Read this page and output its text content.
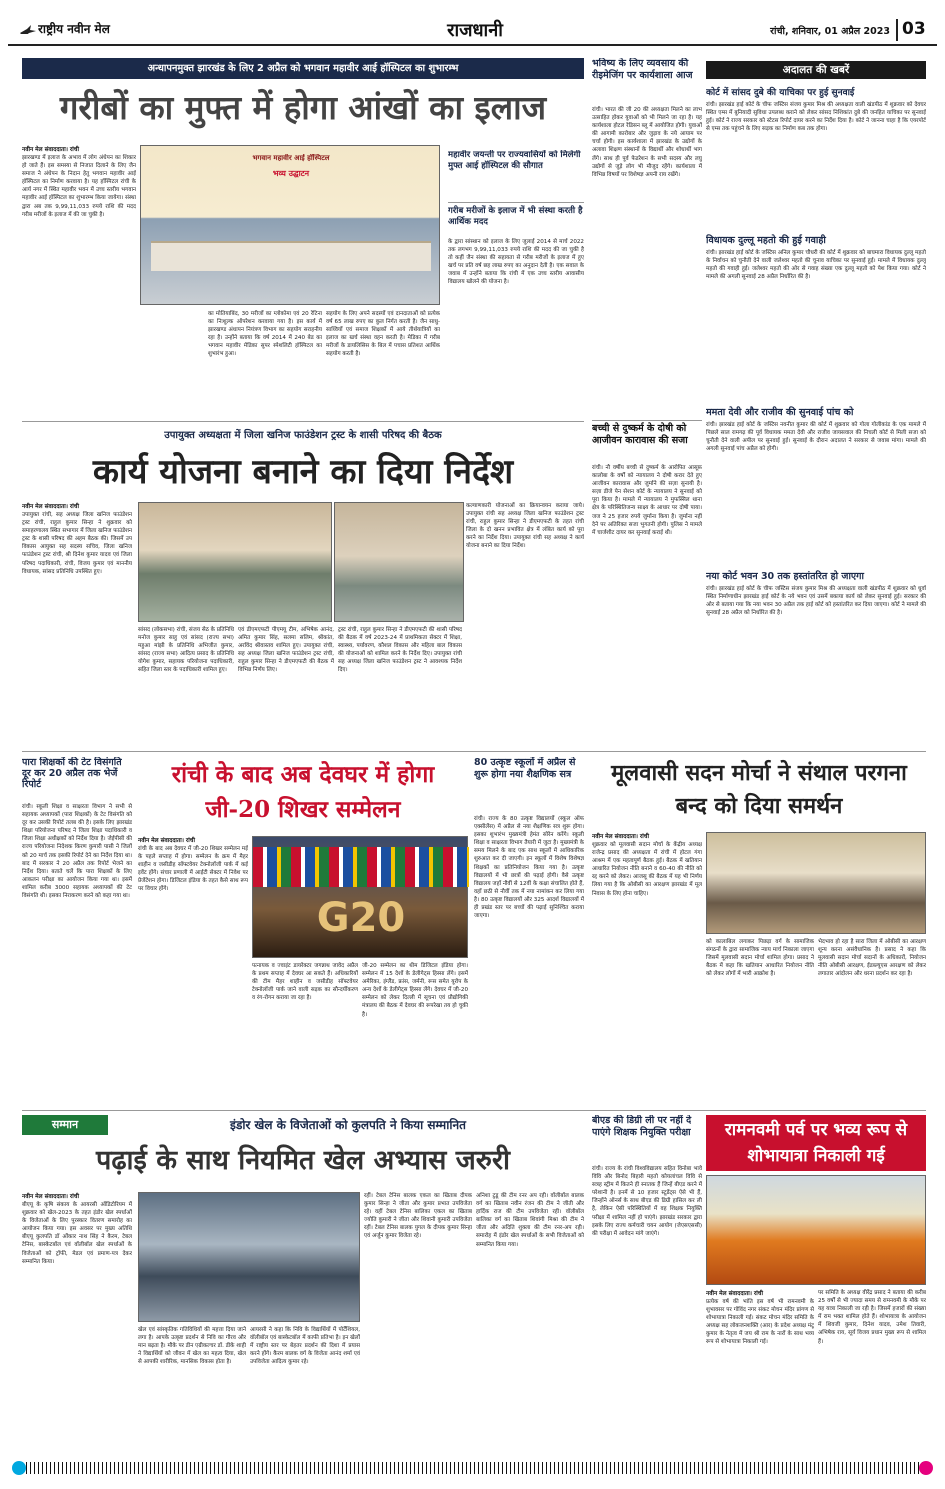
राष्ट्रीय नवीन मेल	राजधानी	रांची, शनिवार, 01 अप्रैल 2023 03
अन्धापनमुक्त झारखंड के लिए 2 अप्रैल को भगवान महावीर आई हॉस्पिटल का शुभारम्भ
गरीबों का मुफ्त में होगा आंखों का इलाज
नवीन मेल संवाददाता। रांची
झारखण्ड में इलाज के अभाव में लोग अंधेपन का शिकार हो जाते हैं। इस समस्या से निजात दिलाने के लिए जैन समाज ने अंधेपन के निदान हेतु भगवान महावीर आई हॉस्पिटल का निर्माण करवाया है। यह हॉस्पिटल रांची के आर्य नगर में स्थित महावीर भवन में उच्च स्तरीय भगवान महावीर आई हॉस्पिटल का शुभारम्भ किया जायेगा। संस्था द्वारा अब तक 9,99,11,033 रुपये राशि की मदद गरीब मरीजों के इलाज में की जा चुकी है।
भगवान महावीर आई हॉस्पिटल
भव्य उद्घाटन
का मोतियाबिंद, 30 मरीजों का ग्लोकोमा एवं 20 रेटिना का निःशुल्क ऑपरेशन करवाया गया है। इस कार्य में झारखण्ड अंधापन नियंत्रण विभाग का सहयोग सराहनीय रहा है। उन्होंने बताया कि वर्ष 2014 में 240 बेड का भगवान महावीर मेडिका सुपर स्पेशलिटी हॉस्पिटल का शुभारंभ हुआ।
सहयोग के लिए अपने सदस्यों एवं दानदाताओं को प्रत्येक वर्ष 65 लाख रुपए का कुल निर्गत करती है। जैन साधु-साध्वियों एवं समाज शिक्षकों में आये तीर्थयात्रियों का इलाज का खर्च संस्था वहन करती है। मेडिका में गरीब मरीजों के डायलिसिस के बिल में पचास प्रतिशत आर्थिक सहयोग करती है।
महावीर जयन्ती पर राज्यवासियों को मिलेगी मुफ्त आई हॉस्पिटल की सौगात
गरीब मरीजों के इलाज में भी संस्था करती है आर्थिक मदद
के द्वारा सांस्थान को इलाज के लिए जुलाई 2014 से मार्च 2022 तक लगभग 9,99,11,033 रुपये राशि की मदद की जा चुकी है तो कहीं जैन संस्था की सहायता से गरीब मरीजों के इलाज में हुए खर्च पर प्रति वर्ष छह लाख रुपए का अनुदान देती है। एक सवाल के जवाब में उन्होंने बताया कि रांची में एक उच्च स्तरीय आवासीय विद्यालय खोलने की योजना है।
भविष्य के लिए व्यवसाय की रीइमेजिंग पर कार्यशाला आज
रांची। भारत की जी 20 की अध्यक्षता मिलने का लाभ उत्साहित होकर युवाओं को भी मिलने जा रहा है। यह कार्यशाला होटल रेडिसन ब्लू में आयोजित होगी। युवाओं की आगामी कारोबार और जुड़ाव के नये आयाम पर चर्चा होगी। इस कार्यशाला में झारखंड के उद्योगों के अलावा शिक्षण संस्थानों के विद्यार्थी और शोधार्थी भाग लेंगे। साथ ही पूर्व फेडरेशन के सभी सदस्य और लघु उद्योगों से जुड़े लोग भी मौजूद रहेंगे। कार्यशाला में विभिन्न विषयों पर विशेषज्ञ अपनी राय रखेंगे।
बच्ची से दुष्कर्म के दोषी को आजीवन कारावास की सजा
रांची। नौ वर्षीय बच्ची से दुष्कर्म के आरोपित आसूफ़ कालोबा के वर्षों को न्यायालय ने दोषी करार देते हुए आजीवन कारावास और जुर्माने की सज़ा सुनायी है। सज़ा डीजे पेन सेशन कोर्ट के न्यायालय ने सुनवाई को पूरा किया है। मामले में न्यायालय ने मुफस्सिल थाना क्षेत्र के परिस्थितिजन्य साक्ष्य के आधार पर दोषी पाया। जज ने 25 हजार रुपये जुर्माना किया है। जुर्माना नहीं देने पर अतिरिक्त सजा भुगतनी होगी। पुलिस ने मामले में चार्जशीट दायर कर सुनवाई कराई थी।
अदालत की खबरें
कोर्ट में सांसद दुबे की याचिका पर हुई सुनवाई
रांची। झारखंड हाई कोर्ट के चीफ जस्टिस संजय कुमार मिश्र की अध्यक्षता वाली खंडपीठ में शुक्रवार को देवघर स्थित एम्स में बुनियादी सुविधा उपलब्ध कराने को लेकर सांसद निशिकांत दुबे की जनहित याचिका पर सुनवाई हुई। कोर्ट ने राज्य सरकार को स्टेटस रिपोर्ट दायर करने का निर्देश दिया है। कोर्ट ने जानना चाहा है कि एयरपोर्ट से एम्स तक पहुंचने के लिए सड़क का निर्माण कब तक होगा।
विधायक दुल्लू महतो की हुई गवाही
रांची। झारखंड हाई कोर्ट के जस्टिस अनिल कुमार चौधरी की कोर्ट में शुक्रवार को बाघमारा विधायक दुल्लू महतो के निर्वाचन को चुनौती देने वाली जलेश्वर महतो की चुनाव याचिका पर सुनवाई हुई। मामले में विधायक दुल्लू महतो की गवाही हुई। जलेश्वर महतो की ओर से गवाह संख्या एक दुल्लू महतो को पेश किया गया। कोर्ट ने मामले की अगली सुनवाई 28 अप्रैल निर्धारित की है।
ममता देवी और राजीव की सुनवाई पांच को
रांची। झारखंड हाई कोर्ट के जस्टिस नवनीत कुमार की कोर्ट में शुक्रवार को गोला गोलीकांड के एक मामले में पिछले साल रामगढ़ की पूर्व विधायक ममता देवी और राजीव जायसवाल की निचली कोर्ट से मिली सजा को चुनौती देने वाली अपील पर सुनवाई हुई। सुनवाई के दौरान अदालत ने सरकार से जवाब मांगा। मामले की अगली सुनवाई पांच अप्रैल को होगी।
नया कोर्ट भवन 30 तक हस्तांतरित हो जाएगा
रांची। झारखंड हाई कोर्ट के चीफ जस्टिस संजय कुमार मिश्र की अध्यक्षता वाली खंडपीठ में शुक्रवार को धुर्वा स्थित निर्माणाधीन झारखंड हाई कोर्ट के नये भवन एवं उसमें बकाया कार्य को लेकर सुनवाई हुई। सरकार की ओर से बताया गया कि नया भवन 30 अप्रैल तक हाई कोर्ट को हस्तांतरित कर दिया जाएगा। कोर्ट ने मामले की सुनवाई 28 अप्रैल को निर्धारित की है।
उपायुक्त अध्यक्षता में जिला खनिज फाउंडेशन ट्रस्ट के शासी परिषद की बैठक
कार्य योजना बनाने का दिया निर्देश
नवीन मेल संवाददाता। रांची
उपायुक्त रांची, सह अध्यक्ष जिला खनिज फाउंडेशन ट्रस्ट रांची, राहुल कुमार सिन्हा ने शुक्रवार को समाहरणालय स्थित सभागार में जिला खनिज फाउंडेशन ट्रस्ट के शासी परिषद की अहम बैठक की। जिसमें उप विकास आयुक्त सह सदस्य सचिव, जिला खनिज फाउंडेशन ट्रस्ट रांची, श्री दिनेश कुमार यादव एवं जिला परिषद पदाधिकारी, रांची, विजय कुमार एवं माननीय विधायक, सांसद प्रतिनिधि उपस्थित हुए।
सांसद (लोकसभा) रांची, संजय सेठ के प्रतिनिधि मनोज कुमार साहु एवं सांसद (राज्य सभा) महुआ मांझी के प्रतिनिधि अभिजीत कुमार, सांसद (राज्य सभा) आदित्य प्रसाद के प्रतिनिधि योगेश कुमार, सहायक परियोजना पदाधिकारी, सहित जिला स्तर के पदाधिकारी शामिल हुए।
एवं डीएमएफटी पीएमयू टीम, अभिषेक आनंद, अमित कुमार सिंह, सलमा सलिम, श्रीकांत, अरविंद श्रीवास्तव शामिल हुए। उपायुक्त रांची, सह अध्यक्ष जिला खनिज फाउंडेशन ट्रस्ट रांची, राहुल कुमार सिन्हा ने डीएमएफटी की बैठक में विभिन्न निर्णय लिए।
ट्रस्ट रांची, राहुल कुमार सिन्हा ने डीएमएफटी की शासी परिषद की बैठक में वर्ष 2023-24 में प्राथमिकता सेक्टर में शिक्षा, स्वास्थ्य, पर्यावरण, कौशल विकास और महिला बाल विकास की योजनाओं को शामिल करने के निर्देश दिए। उपायुक्त रांची सह अध्यक्ष जिला खनिज फाउंडेशन ट्रस्ट ने आवश्यक निर्देश दिए।
कल्याणकारी योजनाओं का क्रियान्वयन कराया जाये। उपायुक्त रांची सह अध्यक्ष जिला खनिज फाउंडेशन ट्रस्ट रांची, राहुल कुमार सिन्हा ने डीएमएफटी के तहत रांची जिला के दो खनन प्रभावित क्षेत्र में लंबित कार्य को पूरा करने का निर्देश दिया। उपायुक्त रांची सह अध्यक्ष ने कार्य योजना बनाने का दिया निर्देश।
पारा शिक्षकों की टेट विसंगति दूर कर 20 अप्रैल तक भेजें रिपोर्ट
रांची। स्कूली शिक्षा व साक्षरता विभाग ने सभी से सहायक अध्यापकों (पारा शिक्षकों) के टेट विसंगति को दूर कर उसकी रिपोर्ट तलब की है। इसके लिए झारखंड शिक्षा परियोजना परिषद ने जिला शिक्षा पदाधिकारी व जिला शिक्षा अधीक्षकों को निर्देश दिया है। जेईपीसी की राज्य परियोजना निदेशक किरण कुमारी पासी ने जिलों को 20 मार्च तक इसकी रिपोर्ट देने का निर्देश दिया था। बाद में सरकार ने 20 अप्रैल तक रिपोर्ट भेजने का निर्देश दिया। बताते चलें कि पारा शिक्षकों के लिए आकलन परीक्षा का आयोजन किया गया था। इसमें शामिल करीब 3000 सहायक अध्यापकों की टेट विसंगति थी। इसका निराकरण करने को कहा गया था।
रांची के बाद अब देवघर में होगा जी-20 शिखर सम्मेलन
नवीन मेल संवाददाता। रांची
रांची के बाद अब देवघर में जी-20 शिखर सम्मेलन मई के पहले सप्ताह में होगा। सम्मेलन के क्रम में मैहर शाहीन व जसीडीह सॉफ्टवेयर टेक्नोलॉजी पार्क में कई इवेंट होंगे। संचार प्रणाली में आईटी सेक्टर में निवेश पर प्रेजेंटेशन होगा। डिजिटल इंडिया के तहत कैसे साथ रूप पर विचार होंगे।
G20
पत्नायक व ज्वाइंट डायरेक्टर जगन्नाथ जावेद अप्रैल के प्रथम सप्ताह में देवघर आ सकते हैं। अधिकारियों की टीम मैहर शाहीन व जसीडीह सॉफ्टवेयर टेक्नोलॉजी पार्क जाने वाली सड़क का सौन्दर्यीकरण व रंग-रोगन कराया जा रहा है।
जी-20 सम्मेलन का थीम डिजिटल इंडिया होगा। सम्मेलन में 15 देशों के डेलीगेट्स हिस्सा लेंगे। इसमें अमेरिका, इंग्लैंड, फ्रांस, जर्मनी, रूस समेत यूरोप के अन्य देशों के डेलीगेट्स हिस्सा लेंगे। देवघर में जी-20 सम्मेलन को लेकर दिल्ली में सूचना एवं प्रौद्योगिकी मंत्रालय की बैठक में देवघर की रूपरेखा तय हो चुकी है।
80 उत्कृष्ट स्कूलों में अप्रैल से शुरू होगा नया शैक्षणिक सत्र
रांची। राज्य के 80 उत्कृष्ट विद्यालयों (स्कूल ऑफ एक्सीलेंस) में अप्रैल से नया शैक्षणिक सत्र शुरू होगा। इसका शुभारंभ मुख्यमंत्री हेमंत सोरेन करेंगे। स्कूली शिक्षा व साक्षरता विभाग तैयारी में जुटा है। मुख्यमंत्री के समय मिलने के बाद एक साथ स्कूलों में आधिकारिक शुरुआत कर दी जाएगी। इन स्कूलों में विशेष विशेषज्ञ शिक्षकों का प्रतिनियोजन किया गया है। उत्कृष्ट विद्यालयों में भी छात्रों की पढ़ाई होगी। वैसे उत्कृष्ट विद्यालय जहाँ नौवीं से 12वीं के कक्षा संचालित होते हैं, वहाँ छठी से नौवीं तक में नया नामांकन कर लिया गया है। 80 उत्कृष्ट विद्यालयों और 325 आदर्श विद्यालयों में ही प्रखंड स्तर पर बच्चों की पढ़ाई सुनिश्चित कराया जाएगा।
मूलवासी सदन मोर्चा ने संथाल परगना बन्द को दिया समर्थन
नवीन मेल संवाददाता। रांची
शुक्रवार को मूलवासी सदान मोर्चा के केंद्रीय अध्यक्ष राजेन्द्र प्रसाद की अध्यक्षता में रांची में होटल गंगा आश्रम में एक महत्वपूर्ण बैठक हुई। बैठक में खतियान आधारित नियोजन नीति बनाने व 60-40 की नीति को रद्द करने को लेकर। आजसू की बैठक में यह भी निर्णय लिया गया है कि ओबीसी का आरक्षण झारखंड में मूल निवास के लिए होना चाहिए।
को कालाबिल लगाकर पिछड़ा वर्ग के सामाजिक संगठनों के द्वारा सामाजिक न्याय मार्च निकाला जाएगा जिसमें मूलवासी सदान मोर्चा शामिल होगा। प्रसाद ने बैठक में कहा कि खतियान आधारित नियोजन नीति को लेकर लोगों में भारी आक्रोश है।
भेदभाव हो रहा है सारा जिला में ओबीसी का आरक्षण शून्य करना असंवैधानिक है। प्रसाद ने कहा कि मूलवासी सदान मोर्चा सदानों के अधिकारों, नियोजन नीति ओबीसी आरक्षण, ईडब्ल्यूएस आरक्षण को लेकर लगातार आंदोलन और धरना प्रदर्शन कर रहा है।
सम्मान	इंडोर खेल के विजेताओं को कुलपति ने किया सम्मानित
पढ़ाई के साथ नियमित खेल अभ्यास जरुरी
नवीन मेल संवाददाता। रांची
बीएयू के कृषि संकाय के आयरसी ऑडिटोरियम में शुक्रवार को खेल-2023 के तहत इंडोर खेल स्पर्धाओं के विजेताओं के लिए पुरस्कार वितरण समारोह का आयोजन किया गया। इस अवसर पर मुख्य अतिथि बीएयू कुलपति डॉ ओंकार नाथ सिंह ने कैरम, टेबल टेनिस, बास्केटबॉल एवं वॉलीबॉल खेल स्पर्धाओं के विजेताओं को ट्रॉफी, मेडल एवं प्रमाण-पत्र देकर सम्मानित किया।
खेल एवं सांस्कृतिक गतिविधियों की महत्ता दिया जाने लगा है। आपके उत्कृष्ट प्रदर्शन से निवि का गौरव और मान बढ़ता है। मौके पर डीन एग्रीकल्चर डॉ. डीके शाही ने विद्यार्थियों को जीवन में खेल का महत्व दिया, खेल से आपकी शारीरिक, मानसिक विकास होता है।
आयरसी ने कहा कि निवि के विद्यार्थियों में पोर्टेंशियल, वॉलीबॉल एवं बास्केटबॉल में काफी प्रतिभा है। इन खेलों में राष्ट्रीय स्तर पर बेहतर प्रदर्शन की दिशा में प्रयास करने होंगे। कैरम बालक वर्ग के विजेता आनंद शर्मा एवं उपविजेता आदित्य कुमार रहे।
रहीं। टेबल टेनिस बालक एकल का खिताब दीपक कुमार सिन्हा ने जीता और कुमार प्रभात उपविजेता रहे। वहीं टेबल टेनिस बालिका एकल का खिताब ज्योति कुमारी ने जीता और शिवानी कुमारी उपविजेता रहीं। टेबल टेनिस बालक युगल के दीपक कुमार सिन्हा एवं अर्जुन कुमार विजेता रहे।
अनिशा टुडू की टीम रनर अप रही। वॉलीबॉल बालक वर्ग का खिताब नवीन रंजन की टीम ने जीती और हार्दिक राज की टीम उपविजेता रही। वॉलीबॉल बालिका वर्ग का खिताब शिवांगी मिश्रा की टीम ने जीता और अदिति शुक्ला की टीम रनर-अप रही। समारोह में इंडोर खेल स्पर्धाओं के सभी विजेताओं को सम्मानित किया गया।
बीएड की डिग्री ली पर नहीं दे पाएंगे शिक्षक नियुक्ति परीक्षा
रांची। राज्य के रांची विश्वविद्यालय सहित विनोबा भावे विवि और बिनोद बिहारी महतो कोयलांचल विवि से सत्रह स्ट्रीम में कितने ही स्नातक हैं जिन्हें बीएड करने में परेशानी है। इनमें से 10 हजार स्टूडेंट्स ऐसे भी हैं, जिन्होंने ऑनर्स के साथ बीएड की डिग्री हासिल कर ली है, लेकिन ऐसी परिस्थितियों में वह शिक्षक नियुक्ति परीक्षा में शामिल नहीं हो पाएंगे। झारखंड सरकार द्वारा इसके लिए राज्य कर्मचारी चयन आयोग (जेएसएससी) की परीक्षा में आवेदन मांगे जाएंगे।
रामनवमी पर्व पर भव्य रूप से शोभायात्रा निकाली गई
नवीन मेल संवाददाता। रांची
प्रत्येक वर्ष की भांति इस वर्ष भी रामनवमी के शुभावसर पर गोविंद नगर संकट मोचन मंदिर प्रांगण से शोभायात्रा निकाली गई। संकट मोचन मंदिर समिति के अध्यक्ष सह लोकजनशक्ति (आर) के प्रदेश अध्यक्ष मंटू कुमार के नेतृत्व में जय श्री राम के नारों के साथ भव्य रूप से शोभायात्रा निकाली गई।
पर समिति के अध्यक्ष वीरेंद्र प्रसाद ने बताया की करीब 25 वर्षों से भी ज्यादा समय से रामनवमी के मौके पर यह यात्रा निकाली जा रही है। जिसमें हजारों की संख्या में राम भक्त शामिल होते हैं। शोभायात्रा के आयोजन में शिवजी कुमार, दिनेश यादव, उमेश तिवारी, अभिषेक राय, सूर्य विजय प्रधान मुख्य रूप से शामिल हैं।
